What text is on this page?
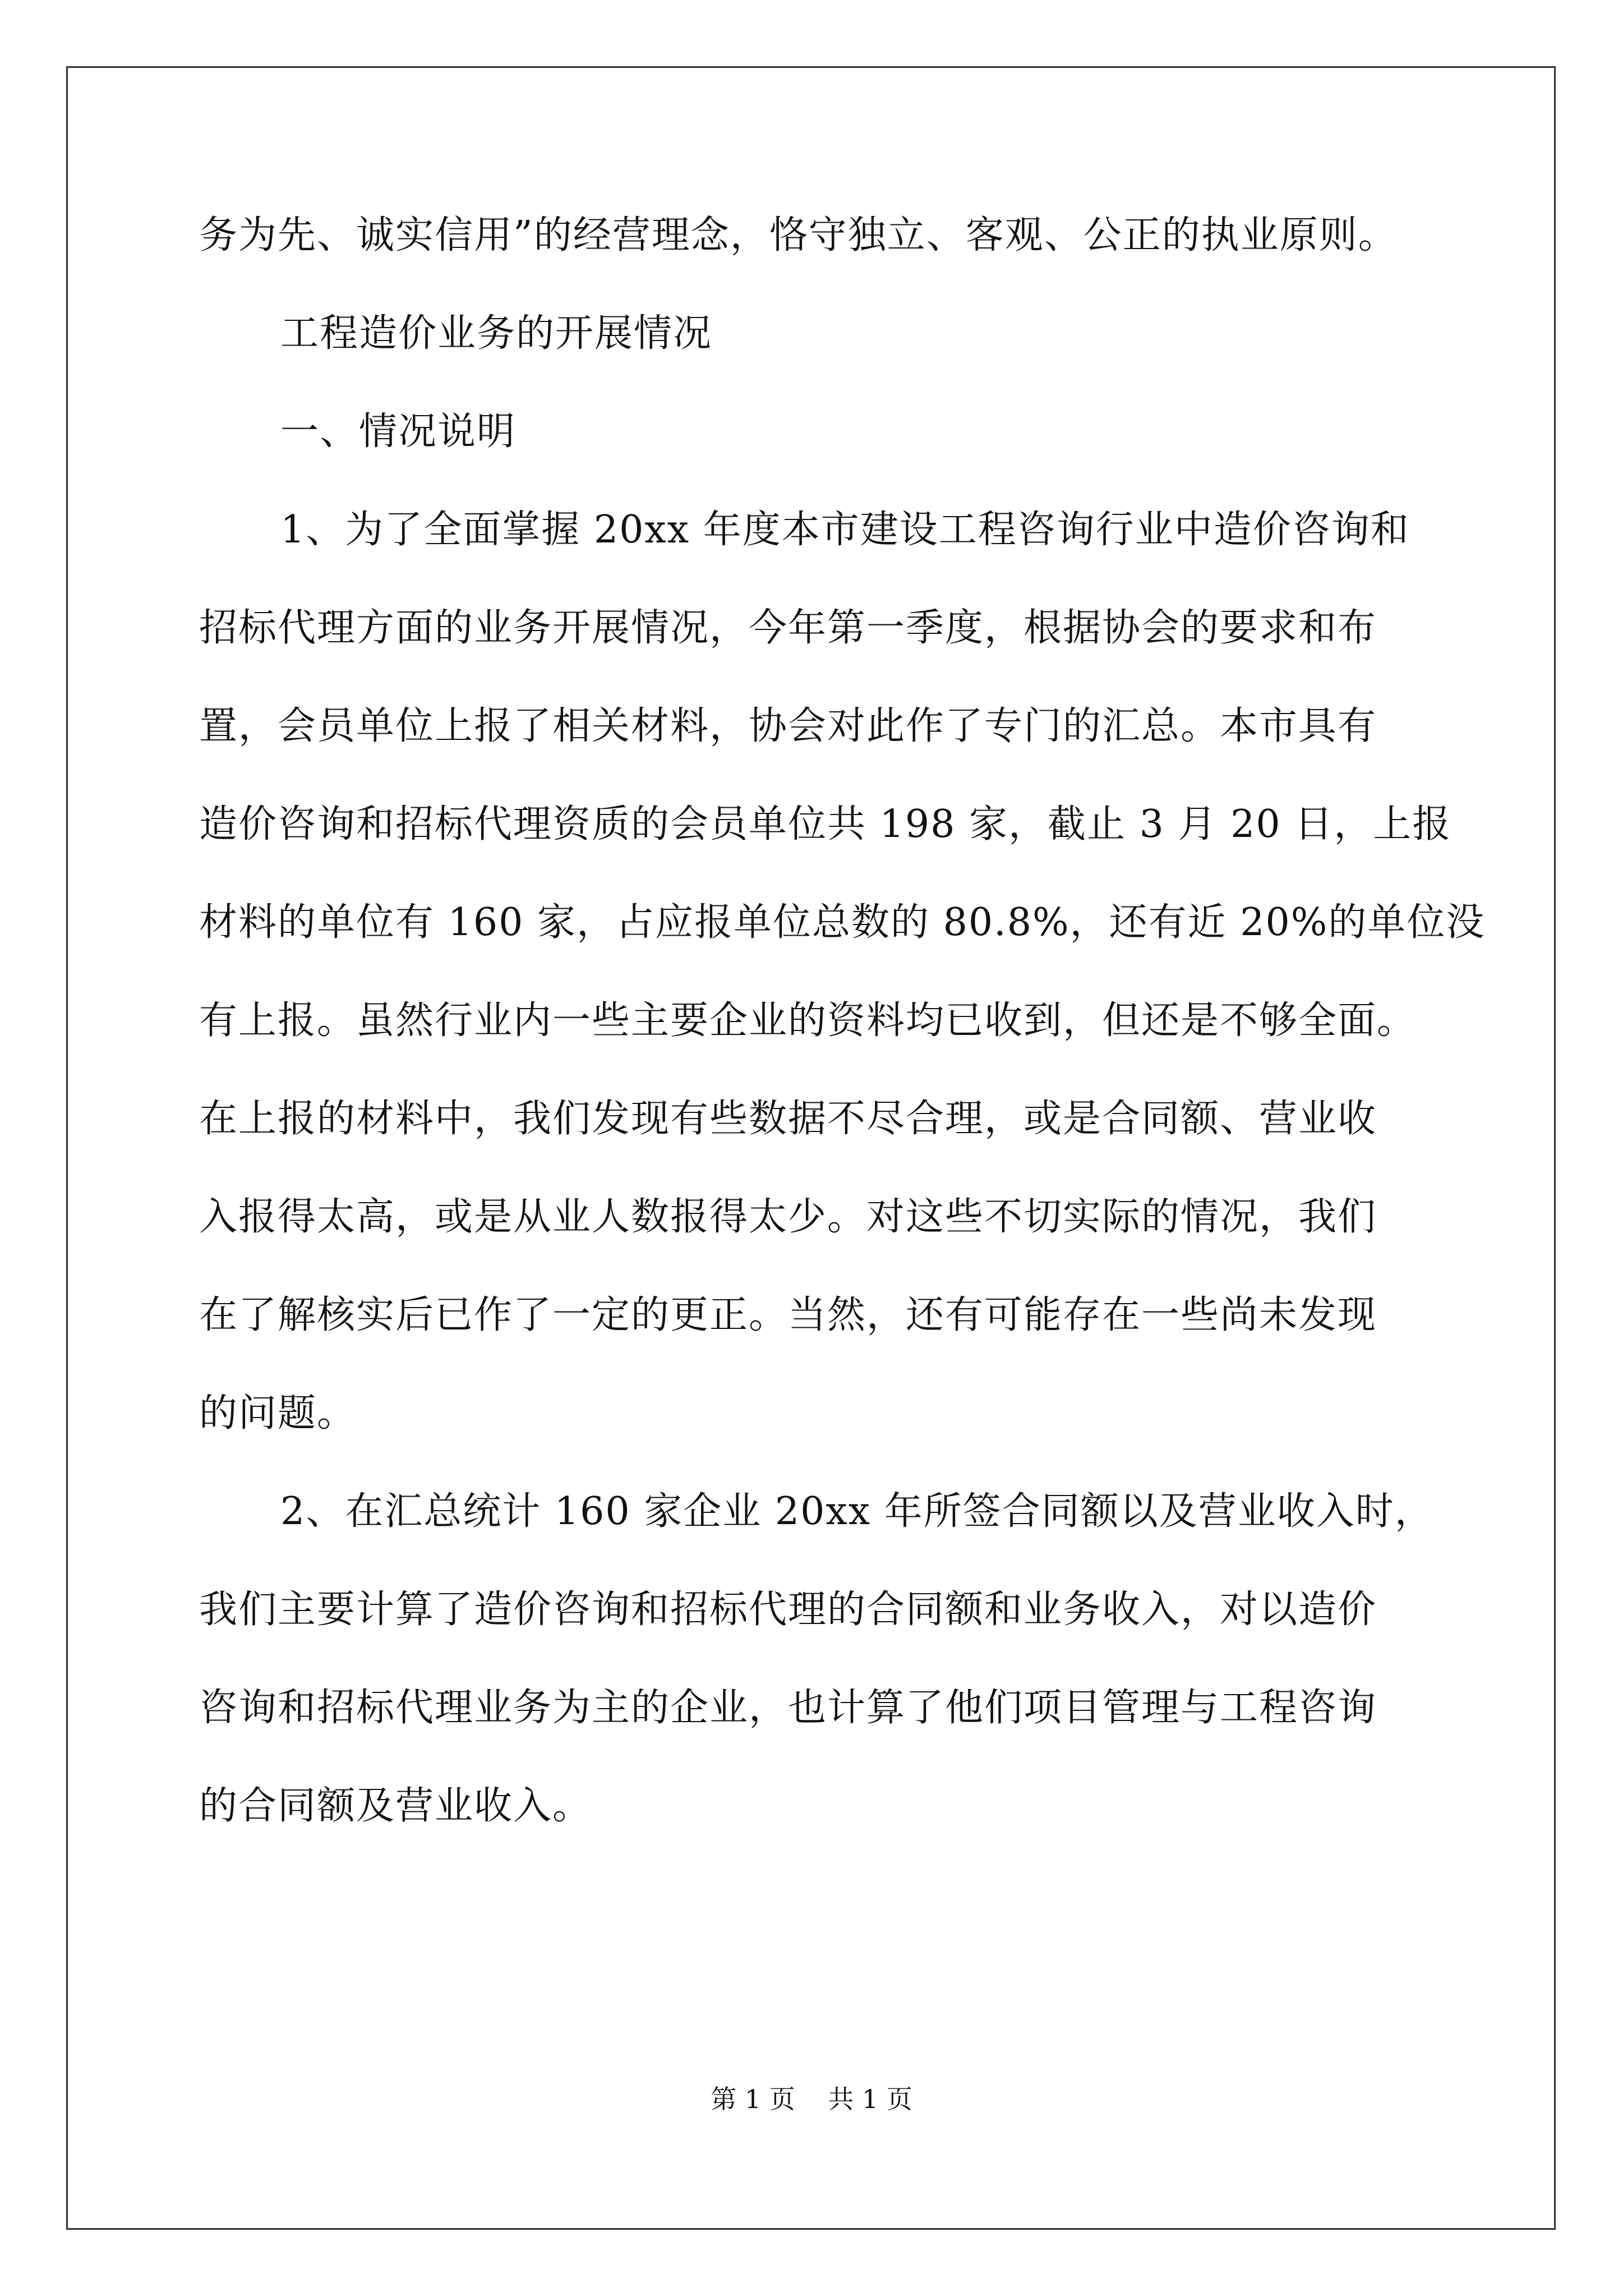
务为先、诚实信用”的经营理念，恪守独立、客观、公正的执业原则。
工程造价业务的开展情况
一、情况说明
1、为了全面掌握 20xx 年度本市建设工程咨询行业中造价咨询和
招标代理方面的业务开展情况，今年第一季度，根据协会的要求和布
置，会员单位上报了相关材料，协会对此作了专门的汇总。本市具有
造价咨询和招标代理资质的会员单位共 198 家，截止 3 月 20 日，上报
材料的单位有 160 家，占应报单位总数的 80.8%，还有近 20%的单位没
有上报。虽然行业内一些主要企业的资料均已收到，但还是不够全面。
在上报的材料中，我们发现有些数据不尽合理，或是合同额、营业收
入报得太高，或是从业人数报得太少。对这些不切实际的情况，我们
在了解核实后已作了一定的更正。当然，还有可能存在一些尚未发现
的问题。
2、在汇总统计 160 家企业 20xx 年所签合同额以及营业收入时，
我们主要计算了造价咨询和招标代理的合同额和业务收入，对以造价
咨询和招标代理业务为主的企业，也计算了他们项目管理与工程咨询
的合同额及营业收入。
第 1 页    共 1 页
